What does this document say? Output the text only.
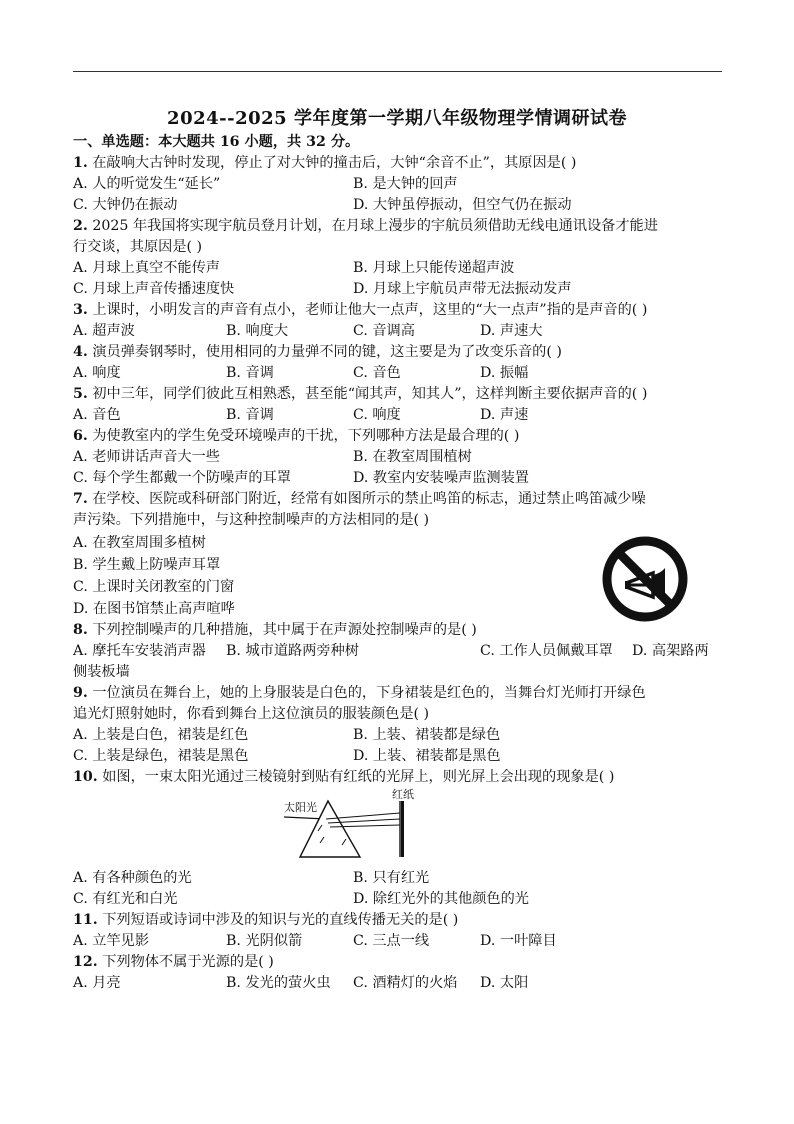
2024--2025 学年度第一学期八年级物理学情调研试卷
一、单选题：本大题共 16 小题，共 32 分。
1. 在敲响大古钟时发现，停止了对大钟的撞击后，大钟“余音不止”，其原因是( )
A. 人的听觉发生“延长”	B. 是大钟的回声
C. 大钟仍在振动	D. 大钟虽停振动，但空气仍在振动
2. 2025 年我国将实现宇航员登月计划，在月球上漫步的宇航员须借助无线电通讯设备才能进
行交谈，其原因是( )
A. 月球上真空不能传声	B. 月球上只能传递超声波
C. 月球上声音传播速度快	D. 月球上宇航员声带无法振动发声
3. 上课时，小明发言的声音有点小，老师让他大一点声，这里的“大一点声”指的是声音的( )
A. 超声波	B. 响度大	C. 音调高	D. 声速大
4. 演员弹奏钢琴时，使用相同的力量弹不同的键，这主要是为了改变乐音的( )
A. 响度	B. 音调	C. 音色	D. 振幅
5. 初中三年，同学们彼此互相熟悉，甚至能“闻其声，知其人”，这样判断主要依据声音的( )
A. 音色	B. 音调	C. 响度	D. 声速
6. 为使教室内的学生免受环境噪声的干扰，下列哪种方法是最合理的( )
A. 老师讲话声音大一些	B. 在教室周围植树
C. 每个学生都戴一个防噪声的耳罩	D. 教室内安装噪声监测装置
7. 在学校、医院或科研部门附近，经常有如图所示的禁止鸣笛的标志，通过禁止鸣笛减少噪
声污染。下列措施中，与这种控制噪声的方法相同的是( )
A. 在教室周围多植树
B. 学生戴上防噪声耳罩
C. 上课时关闭教室的门窗
D. 在图书馆禁止高声喧哗
8. 下列控制噪声的几种措施，其中属于在声源处控制噪声的是( )
A. 摩托车安装消声器 B. 城市道路两旁种树	C. 工作人员佩戴耳罩 D. 高架路两
侧装板墙
9. 一位演员在舞台上，她的上身服装是白色的，下身裙装是红色的，当舞台灯光师打开绿色
追光灯照射她时，你看到舞台上这位演员的服装颜色是( )
A. 上装是白色，裙装是红色	B. 上装、裙装都是绿色
C. 上装是绿色，裙装是黑色	D. 上装、裙装都是黑色
10. 如图，一束太阳光通过三棱镜射到贴有红纸的光屏上，则光屏上会出现的现象是( )
太阳光
红纸
A. 有各种颜色的光	B. 只有红光
C. 有红光和白光	D. 除红光外的其他颜色的光
11. 下列短语或诗词中涉及的知识与光的直线传播无关的是( )
A. 立竿见影	B. 光阴似箭	C. 三点一线	D. 一叶障目
12. 下列物体不属于光源的是( )
A. 月亮	B. 发光的萤火虫 C. 酒精灯的火焰 D. 太阳
